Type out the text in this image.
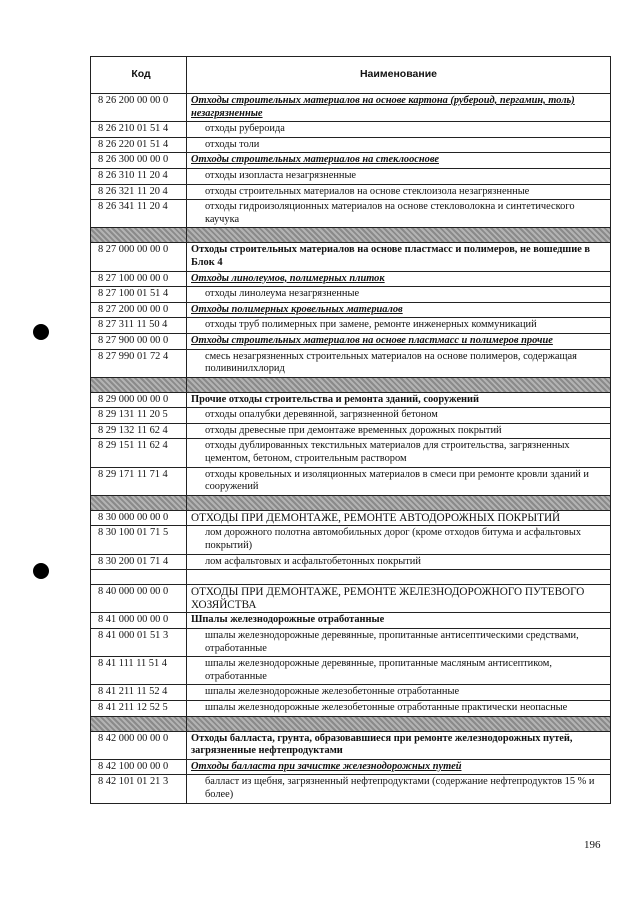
Код	Наименование
8 26 200 00 00 0	Отходы строительных материалов на основе картона (рубероид, пергамин, толь) незагрязненные
8 26 210 01 51 4	отходы рубероида
8 26 220 01 51 4	отходы толи
8 26 300 00 00 0	Отходы строительных материалов на стеклооснове
8 26 310 11 20 4	отходы изопласта незагрязненные
8 26 321 11 20 4	отходы строительных материалов на основе стеклоизола незагрязненные
8 26 341 11 20 4	отходы гидроизоляционных материалов на основе стекловолокна и синтетического каучука
8 27 000 00 00 0	Отходы строительных материалов на основе пластмасс и полимеров, не вошедшие в Блок 4
8 27 100 00 00 0	Отходы линолеумов, полимерных плиток
8 27 100 01 51 4	отходы линолеума незагрязненные
8 27 200 00 00 0	Отходы полимерных кровельных материалов
8 27 311 11 50 4	отходы труб полимерных при замене, ремонте инженерных коммуникаций
8 27 900 00 00 0	Отходы строительных материалов на основе пластмасс и полимеров прочие
8 27 990 01 72 4	смесь незагрязненных строительных материалов на основе полимеров, содержащая поливинилхлорид
8 29 000 00 00 0	Прочие отходы строительства и ремонта зданий, сооружений
8 29 131 11 20 5	отходы опалубки деревянной, загрязненной бетоном
8 29 132 11 62 4	отходы древесные при демонтаже временных дорожных покрытий
8 29 151 11 62 4	отходы дублированных текстильных материалов для строительства, загрязненных цементом, бетоном, строительным раствором
8 29 171 11 71 4	отходы кровельных и изоляционных материалов в смеси при ремонте кровли зданий и сооружений
8 30 000 00 00 0	ОТХОДЫ ПРИ ДЕМОНТАЖЕ, РЕМОНТЕ АВТОДОРОЖНЫХ ПОКРЫТИЙ
8 30 100 01 71 5	лом дорожного полотна автомобильных дорог (кроме отходов битума и асфальтовых покрытий)
8 30 200 01 71 4	лом асфальтовых и асфальтобетонных покрытий
8 40 000 00 00 0	ОТХОДЫ ПРИ ДЕМОНТАЖЕ, РЕМОНТЕ ЖЕЛЕЗНОДОРОЖНОГО ПУТЕВОГО ХОЗЯЙСТВА
8 41 000 00 00 0	Шпалы железнодорожные отработанные
8 41 000 01 51 3	шпалы железнодорожные деревянные, пропитанные антисептическими средствами, отработанные
8 41 111 11 51 4	шпалы железнодорожные деревянные, пропитанные масляным антисептиком, отработанные
8 41 211 11 52 4	шпалы железнодорожные железобетонные отработанные
8 41 211 12 52 5	шпалы железнодорожные железобетонные отработанные практически неопасные
8 42 000 00 00 0	Отходы балласта, грунта, образовавшиеся при ремонте железнодорожных путей, загрязненные нефтепродуктами
8 42 100 00 00 0	Отходы балласта при зачистке железнодорожных путей
8 42 101 01 21 3	балласт из щебня, загрязненный нефтепродуктами (содержание нефтепродуктов 15 % и более)
196
